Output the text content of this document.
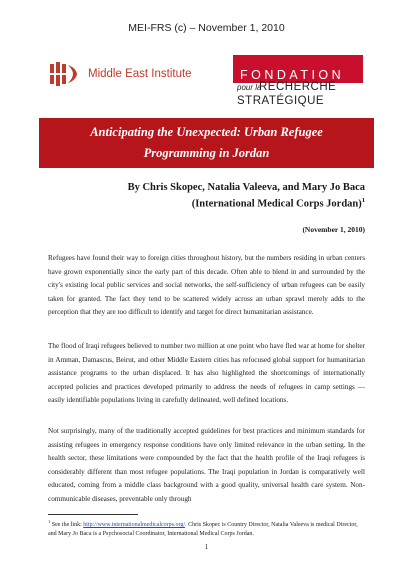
MEI-FRS (c) – November 1, 2010
Middle East Institute	FONDATION
pour la
RECHERCHE
STRATÉGIQUE
Anticipating the Unexpected: Urban Refugee
Programming in Jordan
By Chris Skopec, Natalia Valeeva, and Mary Jo Baca
(International Medical Corps Jordan)$^1$
(November 1, 2010)
Refugees have found their way to foreign cities throughout history, but the numbers residing in urban centers have grown exponentially since the early part of this decade. Often able to blend in and surrounded by the city's existing local public services and social networks, the self-sufficiency of urban refugees can be easily taken for granted. The fact they tend to be scattered widely across an urban sprawl merely adds to the perception that they are too difficult to identify and target for direct humanitarian assistance.
The flood of Iraqi refugees believed to number two million at one point who have fled war at home for shelter in Amman, Damascus, Beirut, and other Middle Eastern cities has refocused global support for humanitarian assistance programs to the urban displaced. It has also highlighted the shortcomings of internationally accepted policies and practices developed primarily to address the needs of refugees in camp settings — easily identifiable populations living in carefully delineated, well defined locations.
Not surprisingly, many of the traditionally accepted guidelines for best practices and minimum standards for assisting refugees in emergency response conditions have only limited relevance in the urban setting. In the health sector, these limitations were compounded by the fact that the health profile of the Iraqi refugees is considerably different than most refugee populations. The Iraqi population in Jordan is comparatively well educated, coming from a middle class background with a good quality, universal health care system. Non-communicable diseases, preventable only through
$^1$ See the link: http://www.internationalmedicalcorps.org/. Chris Skopec is Country Director, Natalia Valeeva is medical Director, and Mary Jo Baca is a Psychosocial Coordinator, International Medical Corps Jordan.
1
